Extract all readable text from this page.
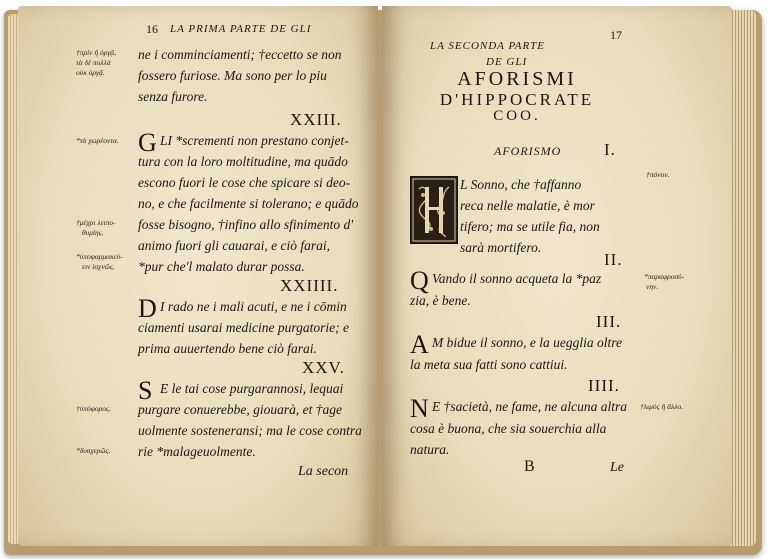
16 LA PRIMA PARTE DE GLI
†πρίν ἢ ὀργᾷ,
τὰ δὲ πολλὰ
οὐκ ὀργᾷ.
ne i comminciamenti; †eccetto se non
fossero furiose. Ma sono per lo piu
senza furore.
XXIII.
*τὰ χωρέοντα. G LI *scrementi non prestano conjet-
tura con la loro moltitudine, ma quādo
escono fuori le cose che spicare si deo-
no, e che facilmente si tolerano; e quādo
†μέχρι λειπο-
θυμίης.
fosse bisogno, †infino allo sfinimento d'
animo fuori gli cauarai, e ciò farai,
*ὑποφαρμακεύ-
ειν ἰσχνῶς. *pur che'l malato durar possa.
XXIIII.
D I rado ne i mali acuti, e ne i cōmin
ciamenti usarai medicine purgatorie; e
prima auuertendo bene ciò farai.
XXV.
S E le tai cose purgarannosi, lequai
†ὑπόφορος. purgare conuerebbe, giouarà, et †age
uolmente sosteneransi; ma le cose contra
*δυσχερῶς. rie *malageuolmente.
La secon
LA SECONDA PARTE
17
DE GLI
AFORISMI
D'HIPPOCRATE
COO.
AFORISMO	I.
L Sonno, che †affanno
†πόνον.
reca nelle malatie, è mor
tifero; ma se utile fia, non
sarà mortifero.
II.
Q Vando il sonno acqueta la *paz	*παραφροσύ-
νην.
zia, è bene.
III.
A M bidue il sonno, e la uegglia oltre
la meta sua fatti sono cattiui.
IIII.
N E †sacietà, ne fame, ne alcuna altra †λιμὸς ἢ ἄλλο.
cosa è buona, che sia souerchia alla
natura.
B	Le
